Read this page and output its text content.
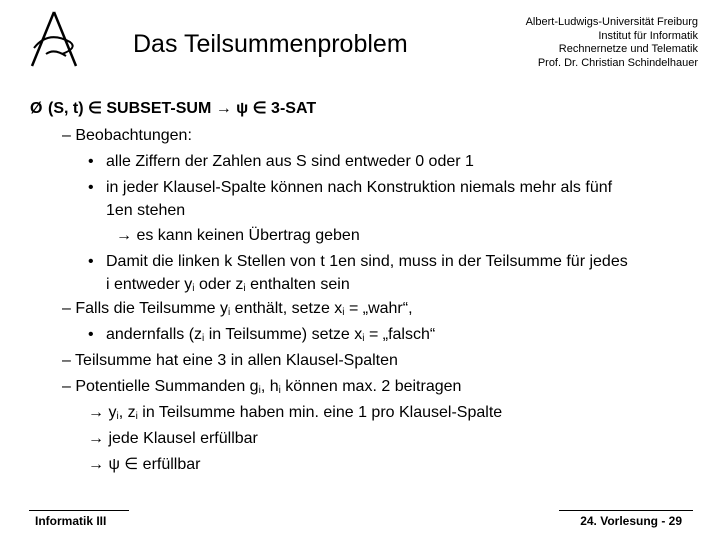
Das Teilsummenproblem
Albert-Ludwigs-Universität Freiburg
Institut für Informatik
Rechnernetze und Telematik
Prof. Dr. Christian Schindelhauer
Ø (S, t) ∈ SUBSET-SUM → ψ ∈ 3-SAT
– Beobachtungen:
• alle Ziffern der Zahlen aus S sind entweder 0 oder 1
• in jeder Klausel-Spalte können nach Konstruktion niemals mehr als fünf
1en stehen
→ es kann keinen Übertrag geben
• Damit die linken k Stellen von t 1en sind, muss in der Teilsumme für jedes
i entweder $y_i$ oder $z_i$ enthalten sein
– Falls die Teilsumme $y_i$ enthält, setze $x_i$ = „wahr“,
• andernfalls ($z_i$ in Teilsumme) setze $x_i$ = „falsch“
– Teilsumme hat eine 3 in allen Klausel-Spalten
– Potentielle Summanden $g_i$, $h_i$ können max. 2 beitragen
→ $y_i$, $z_i$ in Teilsumme haben min. eine 1 pro Klausel-Spalte
→ jede Klausel erfüllbar
→ ψ ∈ erfüllbar
Informatik III	24. Vorlesung - 29
